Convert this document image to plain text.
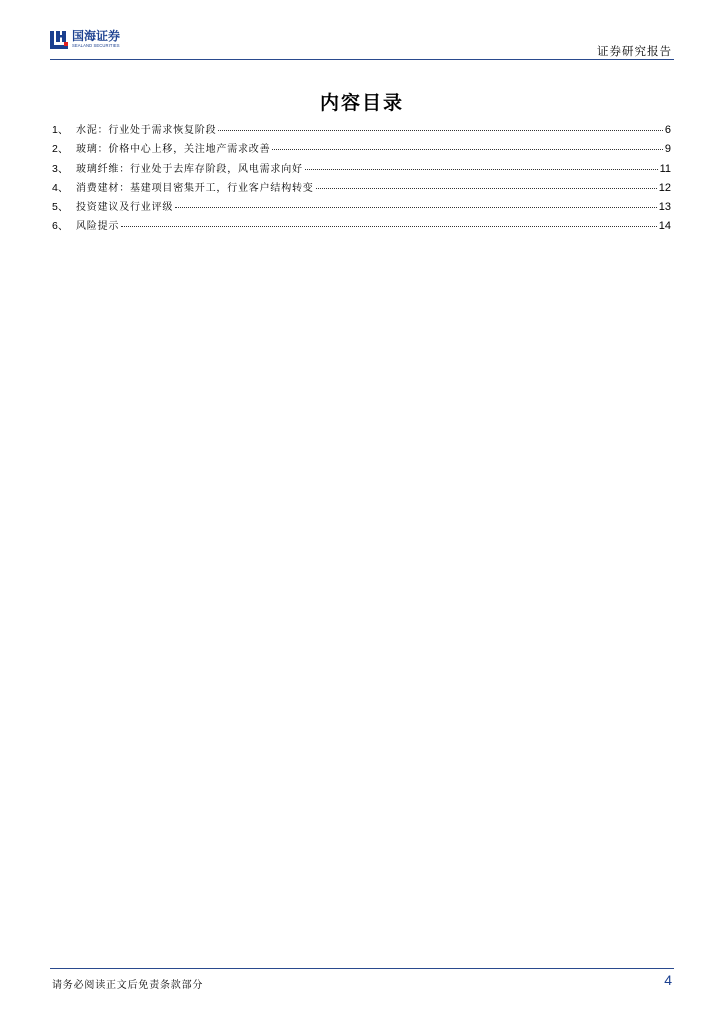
国海证券
SEALAND SECURITIES	证券研究报告
内容目录
1、 水泥：行业处于需求恢复阶段	6
2、 玻璃：价格中心上移，关注地产需求改善	9
3、 玻璃纤维：行业处于去库存阶段，风电需求向好	11
4、 消费建材：基建项目密集开工，行业客户结构转变	12
5、 投资建议及行业评级	13
6、 风险提示	14
请务必阅读正文后免责条款部分	4
